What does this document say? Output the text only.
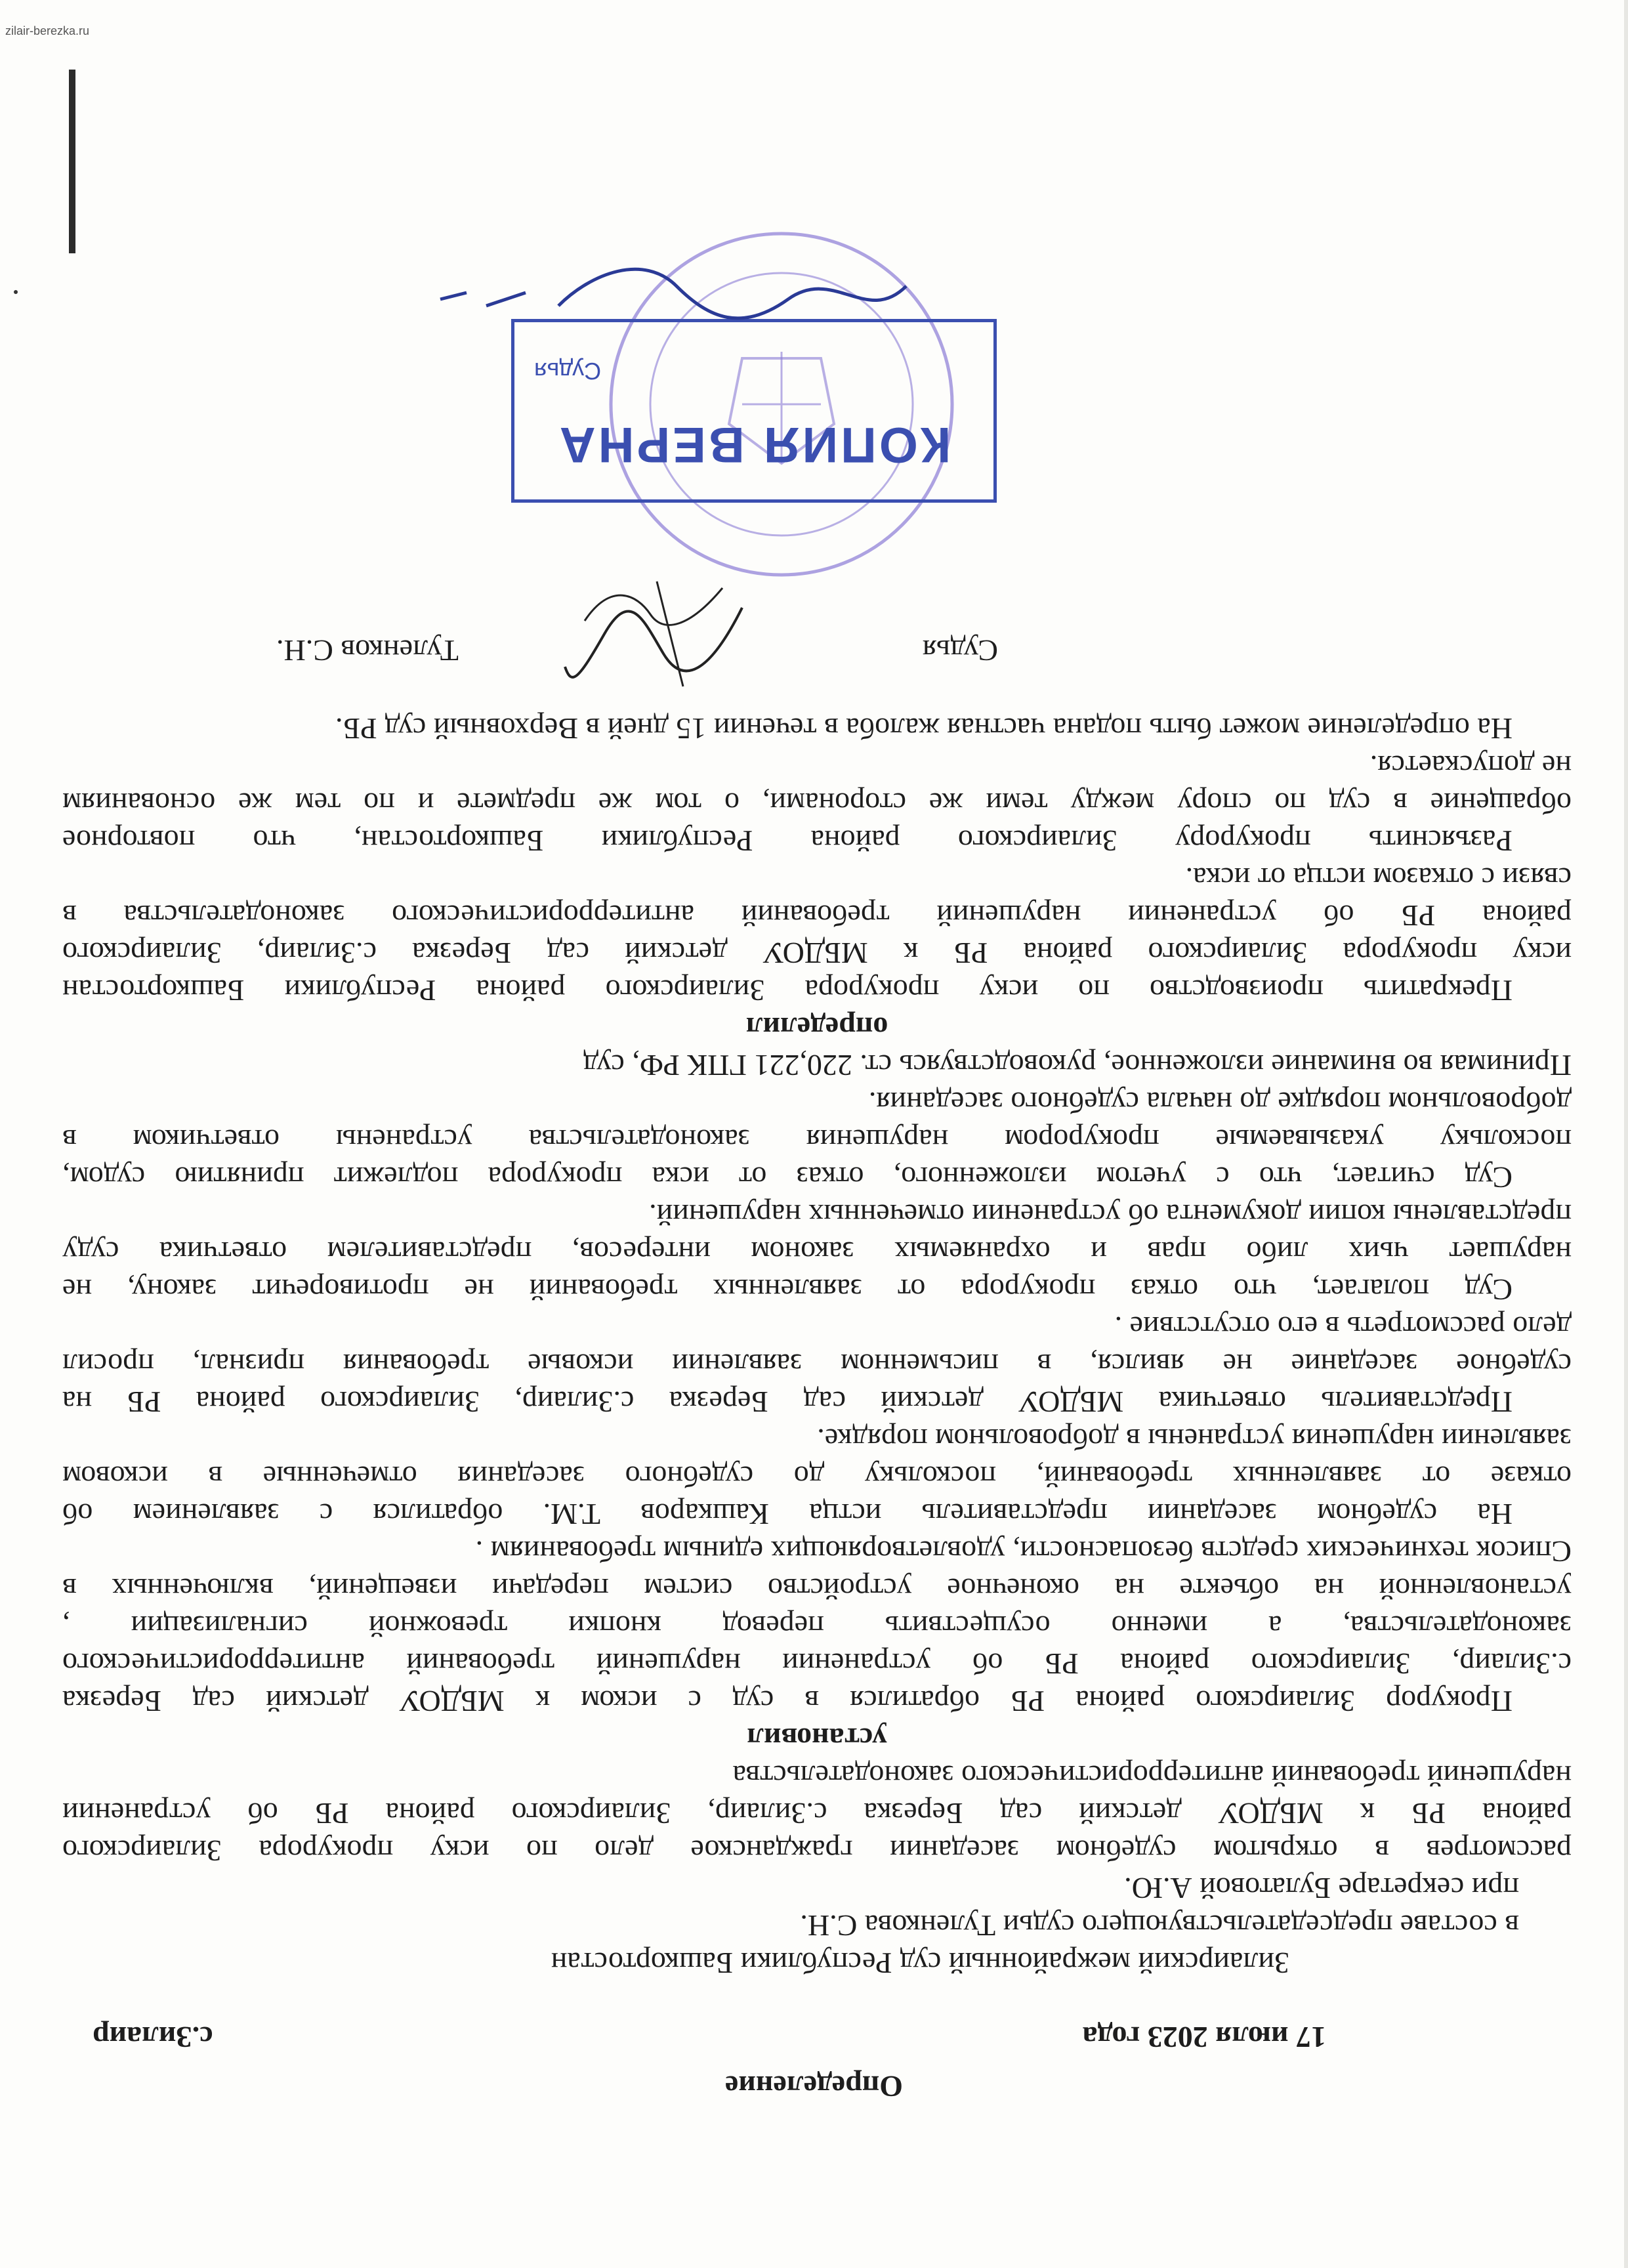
Определение
17 июля 2023 года
с.Зилаир
Зилаирский межрайонный суд Республики Башкортостан
в составе председательствующего судьи Туленкова С.Н.
при секретаре Булатовой А.Ю.
рассмотрев в открытом судебном заседании гражданское дело по иску прокурора Зилаирского
района РБ к МБДОУ детский сад Березка с.Зилаир, Зилаирского района РБ об устранении
нарушений требований антитеррористического законодательства
установил
Прокурор Зилаирского района РБ обратился в суд с иском к МБДОУ детский сад Березка
с.Зилаир, Зилаирского района РБ об устранении нарушений требований антитеррористического
законодательства, а именно осуществить перевод кнопки тревожной сигнализации ,
установленной на объекте на оконечное устройство систем передачи извещений, включенных в
Список технических средств безопасности, удовлетворяющих единым требованиям .
На судебном заседании представитель истца Кашкаров Т.М. обратился с заявлением об
отказе от заявленных требований, поскольку до судебного заседания отмеченные в исковом
заявлении нарушения устранены в добровольном порядке.
Представитель ответчика МБДОУ детский сад Березка с.Зилаир, Зилаирского района РБ на
судебное заседание не явился, в письменном заявлении исковые требования признал, просил
дело рассмотреть в его отсутствие .
Суд полагает, что отказ прокурора от заявленных требований не противоречит закону, не
нарушает чьих либо прав и охраняемых законом интересов, представителем ответчика суду
представлены копии документа об устранении отмеченных нарушений.
Суд считает, что с учетом изложенного, отказ от иска прокурора подлежит принятию судом,
поскольку указываемые прокурором нарушения законодательства устранены ответчиком в
добровольном порядке до начала судебного заседания.
Принимая во внимание изложенное, руководствуясь ст. 220,221 ГПК РФ, суд
определил
Прекратить производство по иску прокурора Зилаирского района Республики Башкортостан
иску прокурора Зилаирского района РБ к МБДОУ детский сад Березка с.Зилаир, Зилаирского
района РБ об устранении нарушений требований антитеррористического законодательства в
связи с отказом истца от иска.
Разъяснить прокурору Зилаирского района Республики Башкортостан, что повторное
обращение в суд по спору между теми же сторонами, о том же предмете и по тем же основаниям
не допускается.
На определение может быть подана частная жалоба в течении 15 дней в Верховный суд РБ.
Судья
Туленков С.Н.
КОПИЯ ВЕРНА
Судья
zilair-berezka.ru
